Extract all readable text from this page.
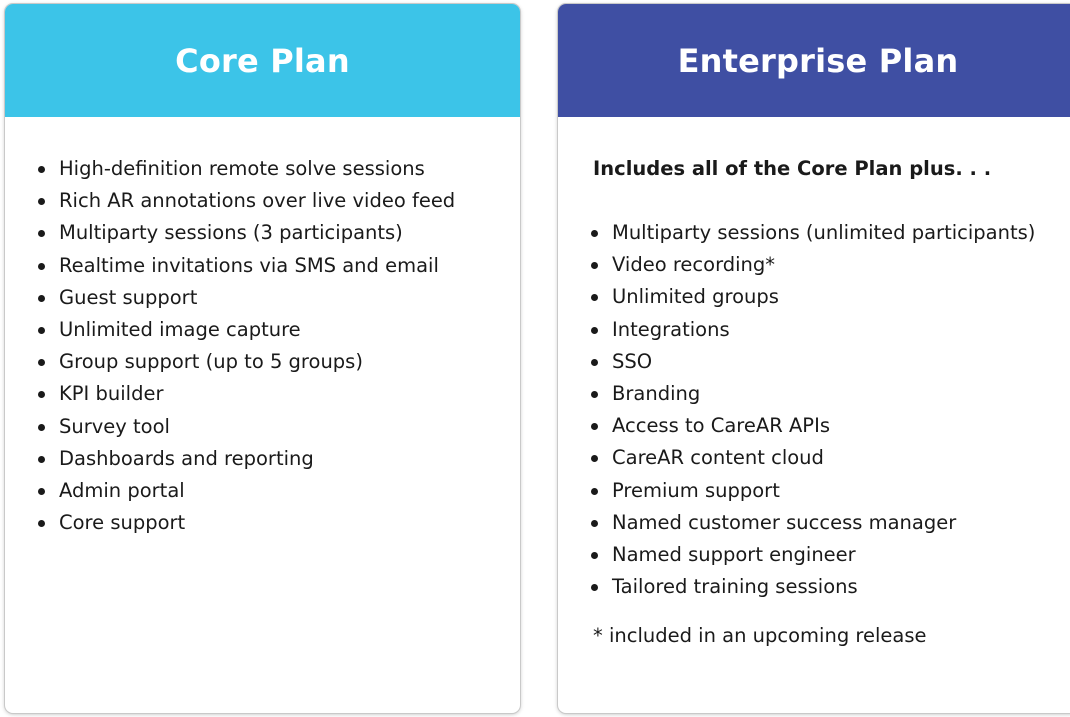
Core Plan
High-definition remote solve sessions
Rich AR annotations over live video feed
Multiparty sessions (3 participants)
Realtime invitations via SMS and email
Guest support
Unlimited image capture
Group support (up to 5 groups)
KPI builder
Survey tool
Dashboards and reporting
Admin portal
Core support
Enterprise Plan
Includes all of the Core Plan plus. . .
Multiparty sessions (unlimited participants)
Video recording*
Unlimited groups
Integrations
SSO
Branding
Access to CareAR APIs
CareAR content cloud
Premium support
Named customer success manager
Named support engineer
Tailored training sessions
* included in an upcoming release
